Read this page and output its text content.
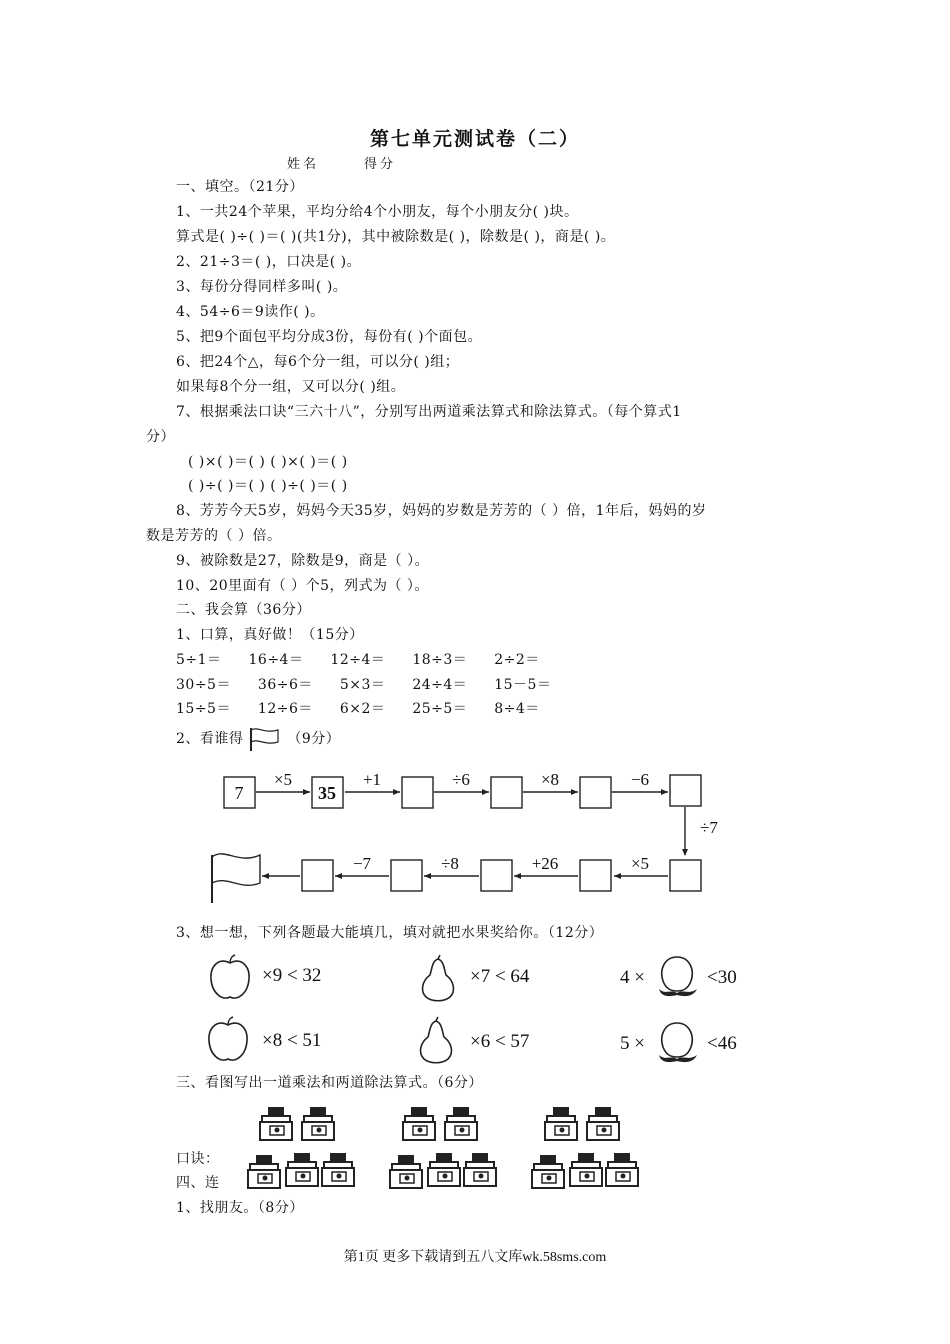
第七单元测试卷（二）
姓名	得分
一、填空。（21分）
1、一共24个苹果，平均分给4个小朋友，每个小朋友分( )块。
算式是( )÷( )＝( )(共1分)，其中被除数是( )，除数是( )，商是( )。
2、21÷3＝( )，口决是( )。
3、每份分得同样多叫( )。
4、54÷6＝9读作( )。
5、把9个面包平均分成3份，每份有( )个面包。
6、把24个△，每6个分一组，可以分( )组；
如果每8个分一组，又可以分( )组。
7、根据乘法口诀“三六十八”，分别写出两道乘法算式和除法算式。（每个算式1
分）
( )×( )＝( ) ( )×( )＝( )
( )÷( )＝( ) ( )÷( )＝( )
8、芳芳今天5岁，妈妈今天35岁，妈妈的岁数是芳芳的（ ）倍，1年后，妈妈的岁
数是芳芳的（ ）倍。
9、被除数是27，除数是9，商是（ ）。
10、20里面有（ ）个5，列式为（ ）。
二、我会算（36分）
1、口算，真好做！（15分）
5÷1＝ 16÷4＝ 12÷4＝ 18÷3＝ 2÷2＝
30÷5＝ 36÷6＝ 5×3＝ 24÷4＝ 15－5＝
15÷5＝ 12÷6＝ 6×2＝ 25÷5＝ 8÷4＝
2、看谁得	（9分）
7	35
×5	+1	÷6	×8	−6
÷7
×5
+26
÷8
−7
3、想一想，下列各题最大能填几，填对就把水果奖给你。（12分）
×9 < 32	×7 < 64	4 ×	<30
×8 < 51	×6 < 57	5 ×	<46
三、看图写出一道乘法和两道除法算式。（6分）
口诀：
四、连
1、找朋友。（8分）
第1页 更多下载请到五八文库wk.58sms.com
